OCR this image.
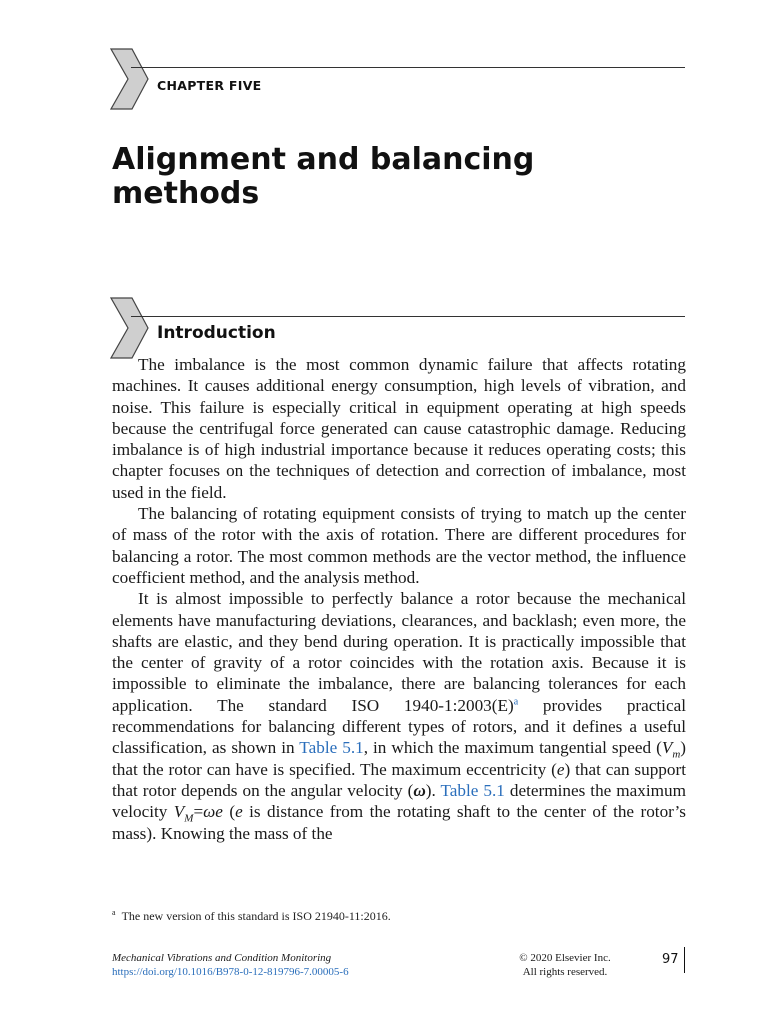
CHAPTER FIVE
Alignment and balancing methods
Introduction

The imbalance is the most common dynamic failure that affects rotating machines. It causes additional energy consumption, high levels of vibration, and noise. This failure is especially critical in equipment operating at high speeds because the centrifugal force generated can cause catastrophic damage. Reducing imbalance is of high industrial importance because it reduces operating costs; this chapter focuses on the techniques of detection and correction of imbalance, most used in the field.

The balancing of rotating equipment consists of trying to match up the center of mass of the rotor with the axis of rotation. There are different procedures for balancing a rotor. The most common methods are the vector method, the influence coefficient method, and the analysis method.

It is almost impossible to perfectly balance a rotor because the mechanical elements have manufacturing deviations, clearances, and backlash; even more, the shafts are elastic, and they bend during operation. It is practically impossible that the center of gravity of a rotor coincides with the rotation axis. Because it is impossible to eliminate the imbalance, there are balancing tolerances for each application. The standard ISO 1940-1:2003(E)$^a$ provides practical recommendations for balancing different types of rotors, and it defines a useful classification, as shown in Table 5.1, in which the maximum tangential speed $(V_m)$ that the rotor can have is specified. The maximum eccentricity (e) that can support that rotor depends on the angular velocity (ω). Table 5.1 determines the maximum velocity $V_M=\omega e$ (e is distance from the rotating shaft to the center of the rotor’s mass). Knowing the mass of the

$^a$ The new version of this standard is ISO 21940-11:2016.
Mechanical Vibrations and Condition Monitoring
https://doi.org/10.1016/B978-0-12-819796-7.00005-6
© 2020 Elsevier Inc.
All rights reserved.
97
